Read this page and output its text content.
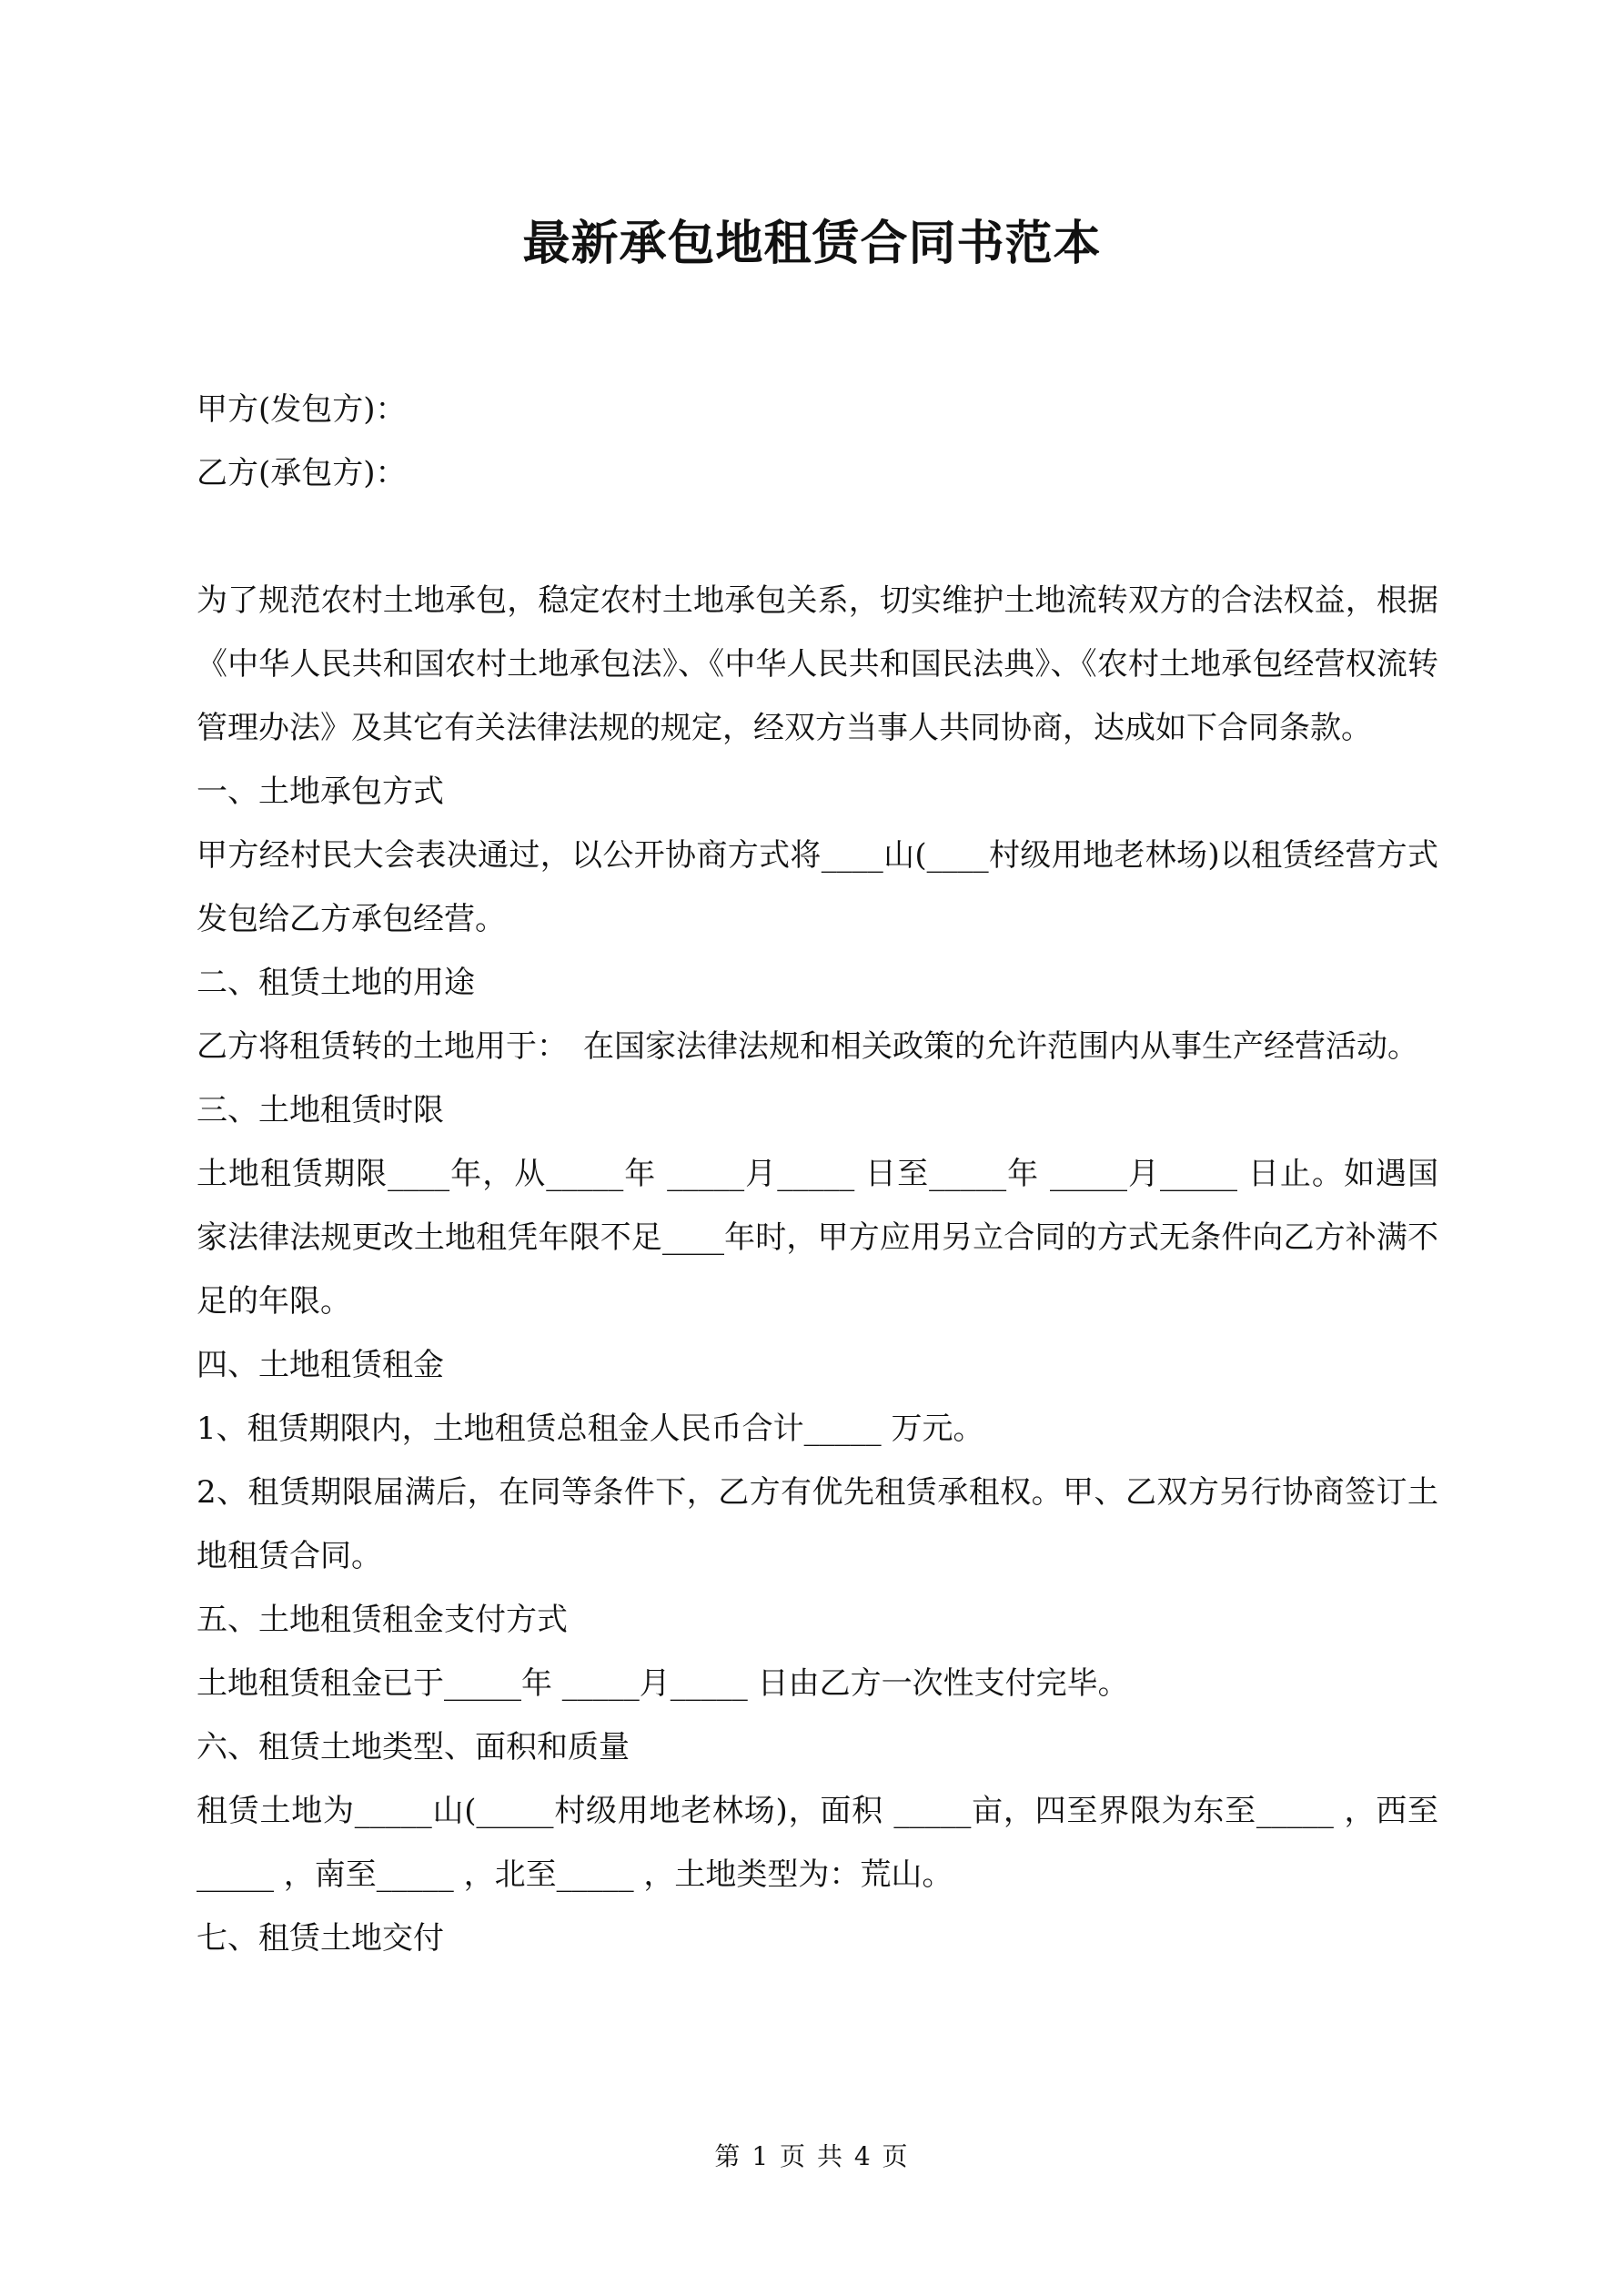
最新承包地租赁合同书范本

甲方(发包方)：

乙方(承包方)：

为了规范农村土地承包，稳定农村土地承包关系，切实维护土地流转双方的合法权益，根据《中华人民共和国农村土地承包法》、《中华人民共和国民法典》、《农村土地承包经营权流转管理办法》及其它有关法律法规的规定，经双方当事人共同协商，达成如下合同条款。

一、土地承包方式

甲方经村民大会表决通过，以公开协商方式将____山(____村级用地老林场)以租赁经营方式发包给乙方承包经营。

二、租赁土地的用途

乙方将租赁转的土地用于：　在国家法律法规和相关政策的允许范围内从事生产经营活动。

三、土地租赁时限

土地租赁期限____年，从_____年 _____月_____ 日至_____年 _____月_____ 日止。如遇国家法律法规更改土地租凭年限不足____年时，甲方应用另立合同的方式无条件向乙方补满不足的年限。

四、土地租赁租金

1、租赁期限内，土地租赁总租金人民币合计_____ 万元。

2、租赁期限届满后，在同等条件下，乙方有优先租赁承租权。甲、乙双方另行协商签订土地租赁合同。

五、土地租赁租金支付方式

土地租赁租金已于_____年 _____月_____ 日由乙方一次性支付完毕。

六、租赁土地类型、面积和质量

租赁土地为_____山(_____村级用地老林场)，面积 _____亩，四至界限为东至_____ ，西至_____ ，南至_____ ，北至_____ ，土地类型为：荒山。

七、租赁土地交付

第 1 页 共 4 页
